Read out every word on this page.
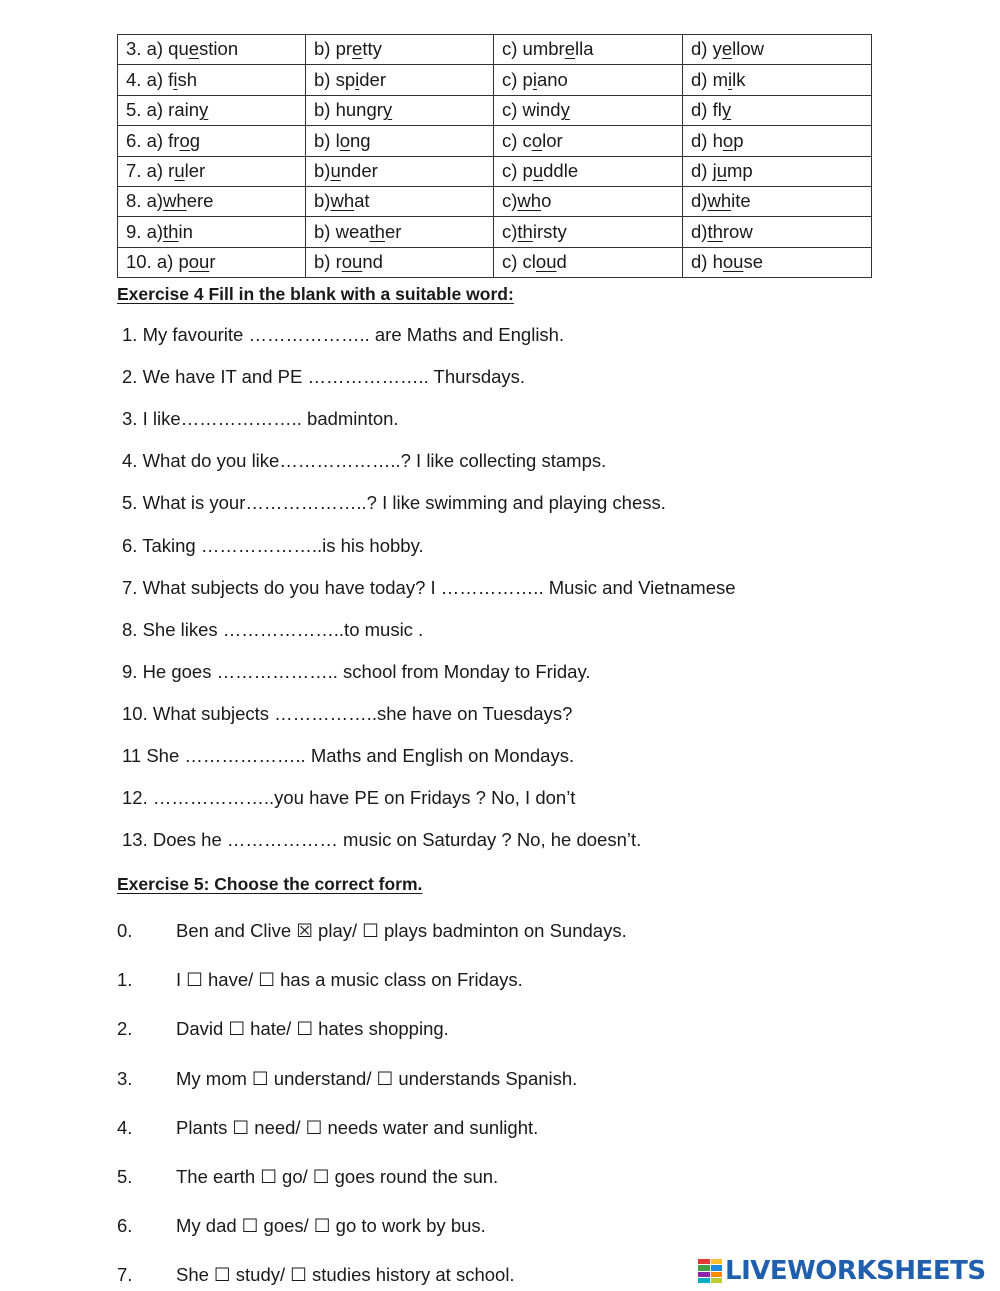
3. a) question	b) pretty	c) umbrella	d) yellow
4. a) fish	b) spider	c) piano	d) milk
5. a) rainy	b) hungry	c) windy	d) fly
6. a) frog	b) long	c) color	d) hop
7. a) ruler	b)under	c) puddle	d) jump
8. a)where	b)what	c)who	d)white
9. a)thin	b) weather	c)thirsty	d)throw
10. a) pour	b) round	c) cloud	d) house
Exercise 4 Fill in the blank with a suitable word:
1. My favourite ……………….. are Maths and English.
2. We have IT and PE ……………….. Thursdays.
3. I like……………….. badminton.
4. What do you like………………..? I like collecting stamps.
5. What is your………………..? I like swimming and playing chess.
6. Taking ………………..is his hobby.
7. What subjects do you have today? I …………….. Music and Vietnamese
8. She likes ………………..to music .
9. He goes ……………….. school from Monday to Friday.
10. What subjects ……………..she have on Tuesdays?
11 She ……………….. Maths and English on Mondays.
12. ………………..you have PE on Fridays ? No, I don’t
13. Does he ……………… music on Saturday ? No, he doesn’t.
Exercise 5: Choose the correct form.
0. Ben and Clive ☒ play/ ☐ plays badminton on Sundays.
1. I ☐ have/ ☐ has a music class on Fridays.
2. David ☐ hate/ ☐ hates shopping.
3. My mom ☐ understand/ ☐ understands Spanish.
4. Plants ☐ need/ ☐ needs water and sunlight.
5. The earth ☐ go/ ☐ goes round the sun.
6. My dad ☐ goes/ ☐ go to work by bus.
7. She ☐ study/ ☐ studies history at school.	LIVEWORKSHEETS
